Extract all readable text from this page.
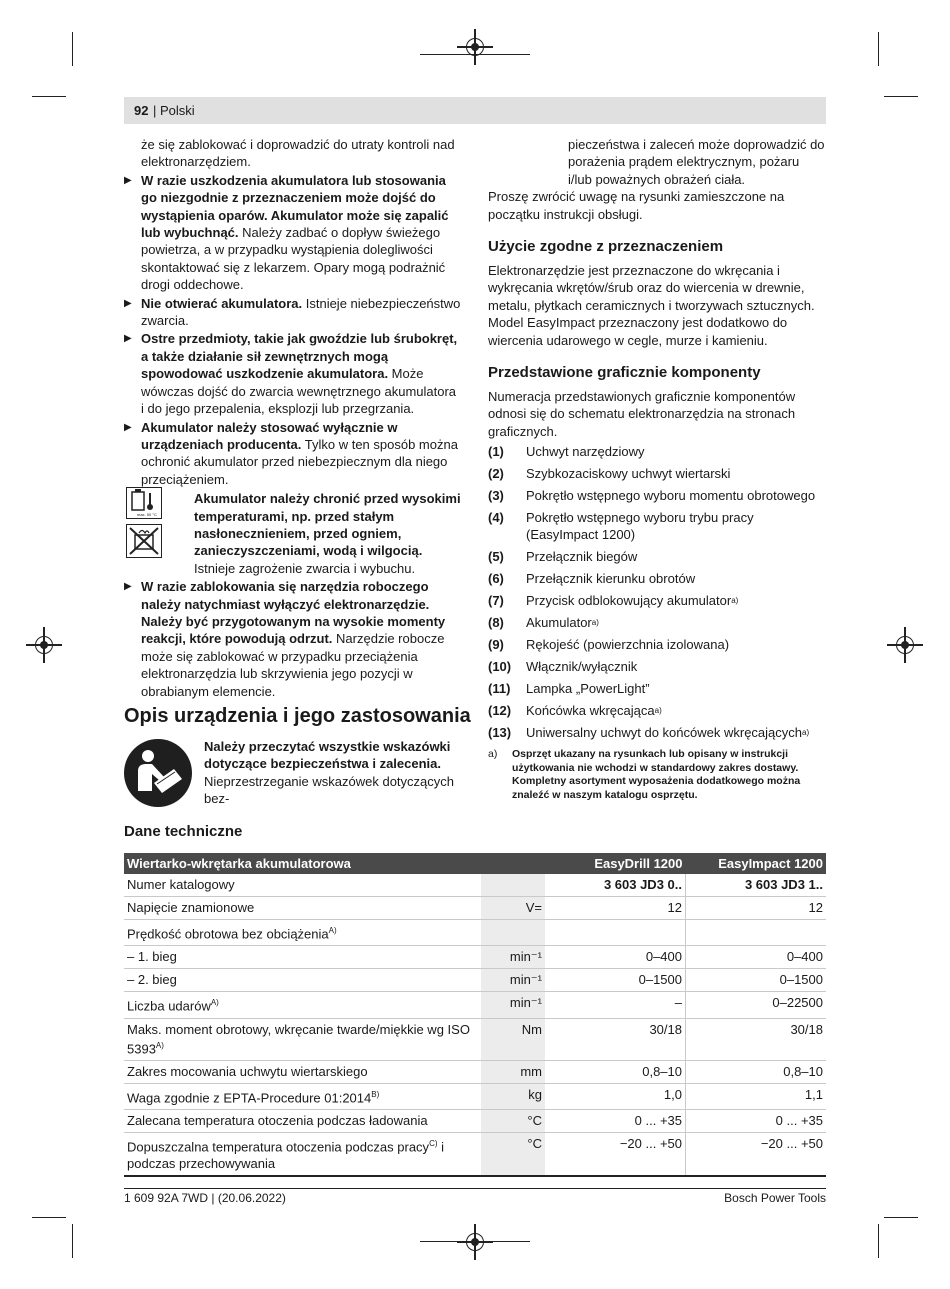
92 | Polski

że się zablokować i doprowadzić do utraty kontroli nad elektronarzędziem.

▶ W razie uszkodzenia akumulatora lub stosowania go niezgodnie z przeznaczeniem może dojść do wystąpienia oparów. Akumulator może się zapalić lub wybuchnąć. Należy zadbać o dopływ świeżego powietrza, a w przypadku wystąpienia dolegliwości skontaktować się z lekarzem. Opary mogą podrażnić drogi oddechowe.
▶ Nie otwierać akumulatora. Istnieje niebezpieczeństwo zwarcia.
▶ Ostre przedmioty, takie jak gwoździe lub śrubokręt, a także działanie sił zewnętrznych mogą spowodować uszkodzenie akumulatora. Może wówczas dojść do zwarcia wewnętrznego akumulatora i do jego przepalenia, eksplozji lub przegrzania.
▶ Akumulator należy stosować wyłącznie w urządzeniach producenta. Tylko w ten sposób można ochronić akumulator przed niebezpiecznym dla niego przeciążeniem.
Akumulator należy chronić przed wysokimi temperaturami, np. przed stałym nasłonecznieniem, przed ogniem, zanieczyszczeniami, wodą i wilgocią. Istnieje zagrożenie zwarcia i wybuchu.
▶ W razie zablokowania się narzędzia roboczego należy natychmiast wyłączyć elektronarzędzie. Należy być przygotowanym na wysokie momenty reakcji, które powodują odrzut. Narzędzie robocze może się zablokować w przypadku przeciążenia elektronarzędzia lub skrzywienia jego pozycji w obrabianym elemencie.
max. 50 °C
Opis urządzenia i jego zastosowania
Należy przeczytać wszystkie wskazówki dotyczące bezpieczeństwa i zalecenia. Nieprzestrzeganie wskazówek dotyczących bez-

pieczeństwa i zaleceń może doprowadzić do porażenia prądem elektrycznym, pożaru i/lub poważnych obrażeń ciała.

Proszę zwrócić uwagę na rysunki zamieszczone na początku instrukcji obsługi.

Użycie zgodne z przeznaczeniem

Elektronarzędzie jest przeznaczone do wkręcania i wykręcania wkrętów/śrub oraz do wiercenia w drewnie, metalu, płytkach ceramicznych i tworzywach sztucznych. Model EasyImpact przeznaczony jest dodatkowo do wiercenia udarowego w cegle, murze i kamieniu.

Przedstawione graficznie komponenty

Numeracja przedstawionych graficznie komponentów odnosi się do schematu elektronarzędzia na stronach graficznych.

(1)	Uchwyt narzędziowy
(2)	Szybkozaciskowy uchwyt wiertarski
(3)	Pokrętło wstępnego wyboru momentu obrotowego
(4)	Pokrętło wstępnego wyboru trybu pracy (EasyImpact 1200)
(5)	Przełącznik biegów
(6)	Przełącznik kierunku obrotów
(7)	Przycisk odblokowujący akumulator a)
(8)	Akumulator a)
(9)	Rękojeść (powierzchnia izolowana)
(10)	Włącznik/wyłącznik
(11)	Lampka „PowerLight”
(12)	Końcówka wkręcająca a)
(13)	Uniwersalny uchwyt do końcówek wkręcających a)
a)	Osprzęt ukazany na rysunkach lub opisany w instrukcji użytkowania nie wchodzi w standardowy zakres dostawy. Kompletny asortyment wyposażenia dodatkowego można znaleźć w naszym katalogu osprzętu.
Dane techniczne
Wiertarko-wkrętarka akumulatorowa		EasyDrill 1200	EasyImpact 1200
Numer katalogowy		3 603 JD3 0..	3 603 JD3 1..
Napięcie znamionowe	V=	12	12
Prędkość obrotowa bez obciążenia$^{A)}$			
– 1. bieg	min⁻¹	0–400	0–400
– 2. bieg	min⁻¹	0–1500	0–1500
Liczba udarów$^{A)}$	min⁻¹	–	0–22500
Maks. moment obrotowy, wkręcanie twarde/miękkie wg ISO $5393^{A)}$	Nm	30/18	30/18
Zakres mocowania uchwytu wiertarskiego	mm	0,8–10	0,8–10
Waga zgodnie z EPTA-Procedure $01:2014^{B)}$	kg	1,0	1,1
Zalecana temperatura otoczenia podczas ładowania	°C	0 ... +35	0 ... +35
Dopuszczalna temperatura otoczenia podczas pracy$^{C)}$ i podczas przechowywania	°C	−20 ... +50	−20 ... +50
1 609 92A 7WD | (20.06.2022)	Bosch Power Tools
